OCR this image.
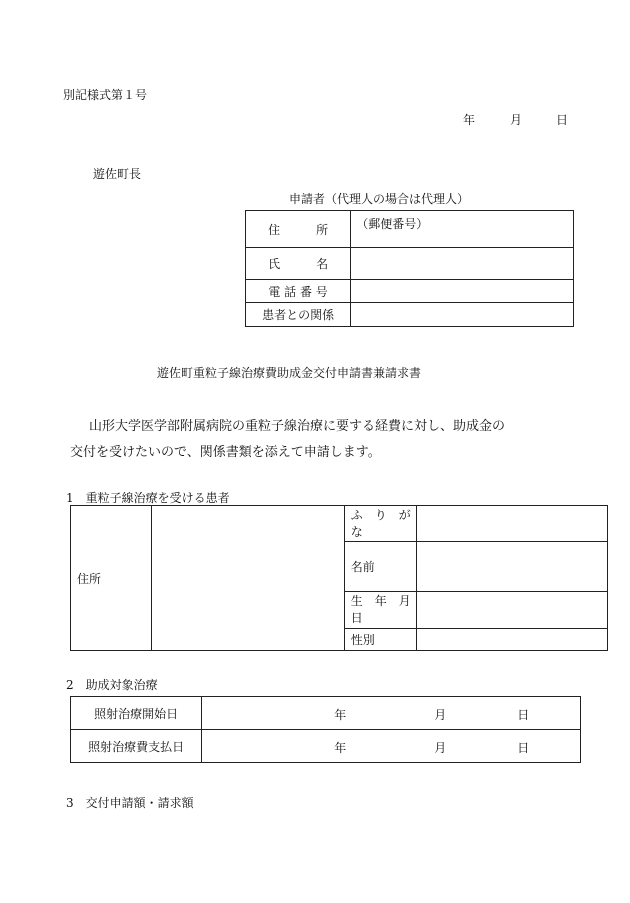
別記様式第１号
年	月	日
遊佐町長
申請者（代理人の場合は代理人）
住　　　所	（郵便番号）
氏　　　名	
電 話 番 号	
患者との関係	
遊佐町重粒子線治療費助成金交付申請書兼請求書
山形大学医学部附属病院の重粒子線治療に要する経費に対し、助成金の
交付を受けたいので、関係書類を添えて申請します。
1　重粒子線治療を受ける患者
住所		ふ　り　が
な	

		名前	

		生　年　月
日	

		性別	
2　助成対象治療
照射治療開始日	年 月 日

照射治療費支払日	年 月 日
3　交付申請額・請求額
